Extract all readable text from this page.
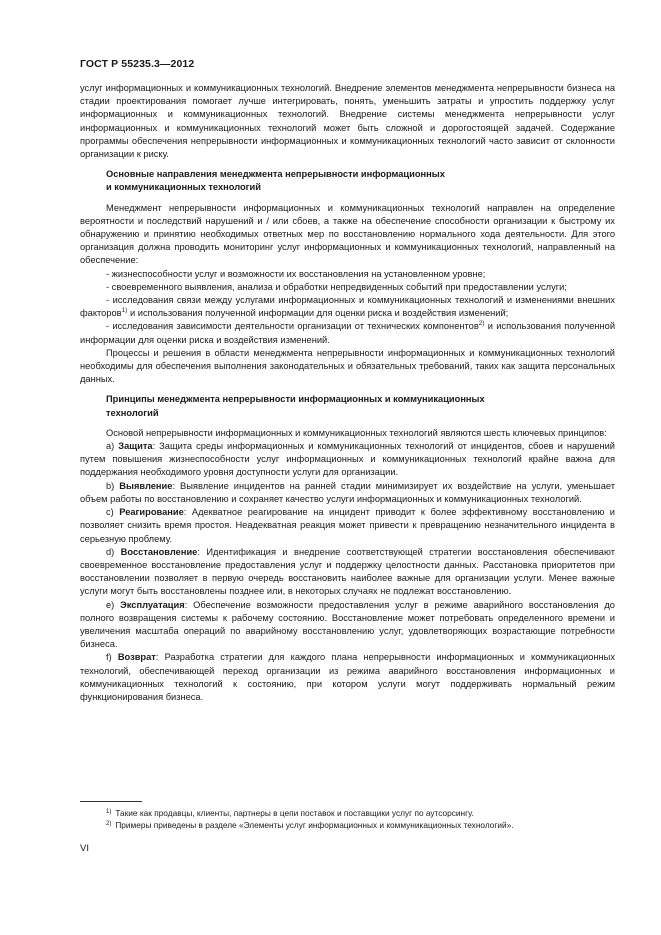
ГОСТ Р 55235.3—2012

услуг информационных и коммуникационных технологий. Внедрение элементов менеджмента непрерывности бизнеса на стадии проектирования помогает лучше интегрировать, понять, уменьшить затраты и упростить поддержку услуг информационных и коммуникационных технологий. Внедрение системы менеджмента непрерывности услуг информационных и коммуникационных технологий может быть сложной и дорогостоящей задачей. Содержание программы обеспечения непрерывности информационных и коммуникационных технологий часто зависит от склонности организации к риску.

Основные направления менеджмента непрерывности информационных
и коммуникационных технологий

Менеджмент непрерывности информационных и коммуникационных технологий направлен на определение вероятности и последствий нарушений и / или сбоев, а также на обеспечение способности организации к быстрому их обнаружению и принятию необходимых ответных мер по восстановлению нормального хода деятельности. Для этого организация должна проводить мониторинг услуг информационных и коммуникационных технологий, направленный на обеспечение:

- жизнеспособности услуг и возможности их восстановления на установленном уровне;

- своевременного выявления, анализа и обработки непредвиденных событий при предоставлении услуги;

- исследования связи между услугами информационных и коммуникационных технологий и изменениями внешних факторов$^{1)}$ и использования полученной информации для оценки риска и воздействия изменений;

- исследования зависимости деятельности организации от технических компонентов$^{2)}$ и использования полученной информации для оценки риска и воздействия изменений.

Процессы и решения в области менеджмента непрерывности информационных и коммуникационных технологий необходимы для обеспечения выполнения законодательных и обязательных требований, таких как защита персональных данных.

Принципы менеджмента непрерывности информационных и коммуникационных
технологий

Основой непрерывности информационных и коммуникационных технологий являются шесть ключевых принципов:

a) Защита: Защита среды информационных и коммуникационных технологий от инцидентов, сбоев и нарушений путем повышения жизнеспособности услуг информационных и коммуникационных технологий крайне важна для поддержания необходимого уровня доступности услуги для организации.

b) Выявление: Выявление инцидентов на ранней стадии минимизирует их воздействие на услуги, уменьшает объем работы по восстановлению и сохраняет качество услуги информационных и коммуникационных технологий.

c) Реагирование: Адекватное реагирование на инцидент приводит к более эффективному восстановлению и позволяет снизить время простоя. Неадекватная реакция может привести к превращению незначительного инцидента в серьезную проблему.

d) Восстановление: Идентификация и внедрение соответствующей стратегии восстановления обеспечивают своевременное восстановление предоставления услуг и поддержку целостности данных. Расстановка приоритетов при восстановлении позволяет в первую очередь восстановить наиболее важные для организации услуги. Менее важные услуги могут быть восстановлены позднее или, в некоторых случаях не подлежат восстановлению.

e) Эксплуатация: Обеспечение возможности предоставления услуг в режиме аварийного восстановления до полного возвращения системы к рабочему состоянию. Восстановление может потребовать определенного времени и увеличения масштаба операций по аварийному восстановлению услуг, удовлетворяющих возрастающие потребности бизнеса.

f) Возврат: Разработка стратегии для каждого плана непрерывности информационных и коммуникационных технологий, обеспечивающей переход организации из режима аварийного восстановления информационных и коммуникационных технологий к состоянию, при котором услуги могут поддерживать нормальный режим функционирования бизнеса.

$^{1)}$ Такие как продавцы, клиенты, партнеры в цепи поставок и поставщики услуг по аутсорсингу.

$^{2)}$ Примеры приведены в разделе «Элементы услуг информационных и коммуникационных технологий».

VI
